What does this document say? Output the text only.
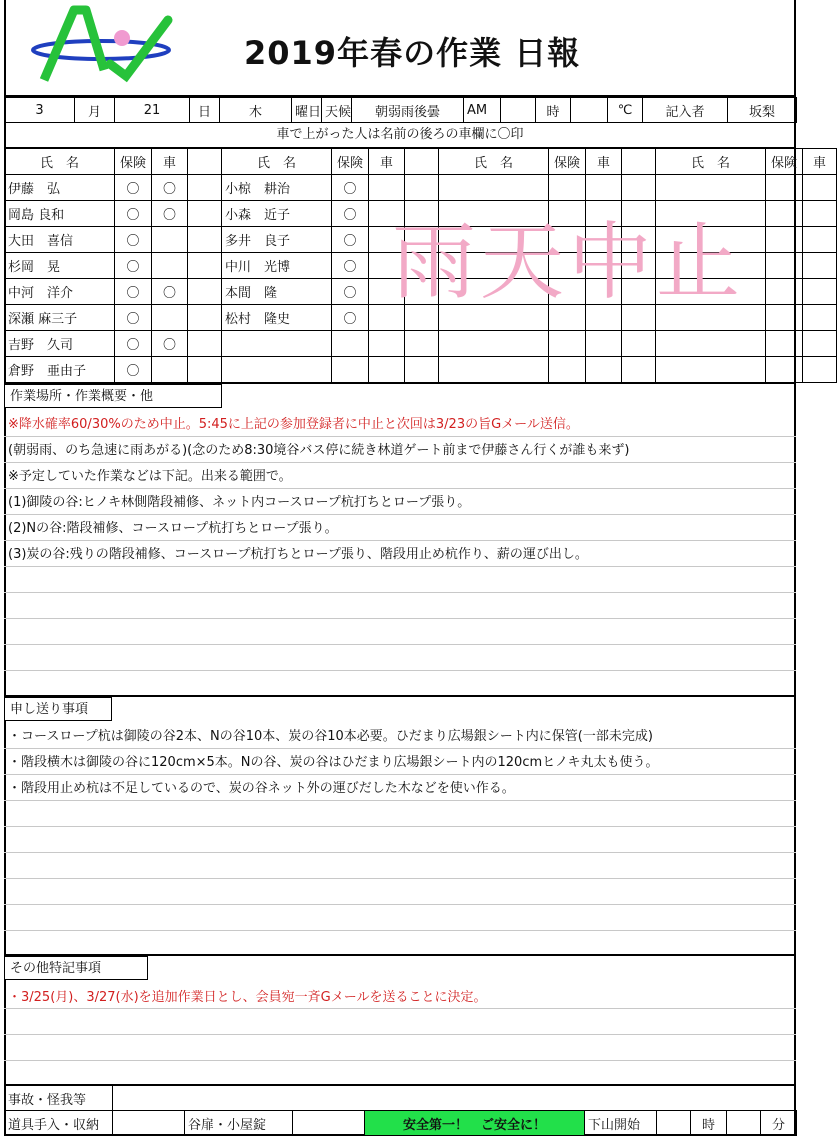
2019年春の作業 日報
3	月	21	日	木	曜日	天候	朝弱雨後曇	AM		時		℃	記入者	坂梨
車で上がった人は名前の後ろの車欄に〇印
氏　名	保険	車		氏　名	保険	車		氏　名	保険	車		氏　名	保険	車
伊藤　弘	〇	〇		小椋　耕治	〇									
岡島 良和	〇	〇		小森　近子	〇									
大田　喜信	〇			多井　良子	〇									
杉岡　晃	〇			中川　光博	〇									
中河　洋介	〇	〇		本間　隆	〇									
深瀬 麻三子	〇			松村　隆史	〇									
吉野　久司	〇	〇												
倉野　亜由子	〇													
雨天中止
作業場所・作業概要・他
※降水確率60/30%のため中止。5:45に上記の参加登録者に中止と次回は3/23の旨Gメール送信。
(朝弱雨、のち急速に雨あがる)(念のため8:30境谷バス停に続き林道ゲート前まで伊藤さん行くが誰も来ず)
※予定していた作業などは下記。出来る範囲で。
(1)御陵の谷:ヒノキ林側階段補修、ネット内コースロープ杭打ちとロープ張り。
(2)Nの谷:階段補修、コースロープ杭打ちとロープ張り。
(3)炭の谷:残りの階段補修、コースロープ杭打ちとロープ張り、階段用止め杭作り、薪の運び出し。
申し送り事項
・コースロープ杭は御陵の谷2本、Nの谷10本、炭の谷10本必要。ひだまり広場銀シート内に保管(一部未完成)
・階段横木は御陵の谷に120cm×5本。Nの谷、炭の谷はひだまり広場銀シート内の120cmヒノキ丸太も使う。
・階段用止め杭は不足しているので、炭の谷ネット外の運びだした木などを使い作る。
その他特記事項
・3/25(月)、3/27(水)を追加作業日とし、会員宛一斉Gメールを送ることに決定。
事故・怪我等									
道具手入・収納		谷扉・小屋錠		安全第一！　ご安全に！	下山開始		時		分
